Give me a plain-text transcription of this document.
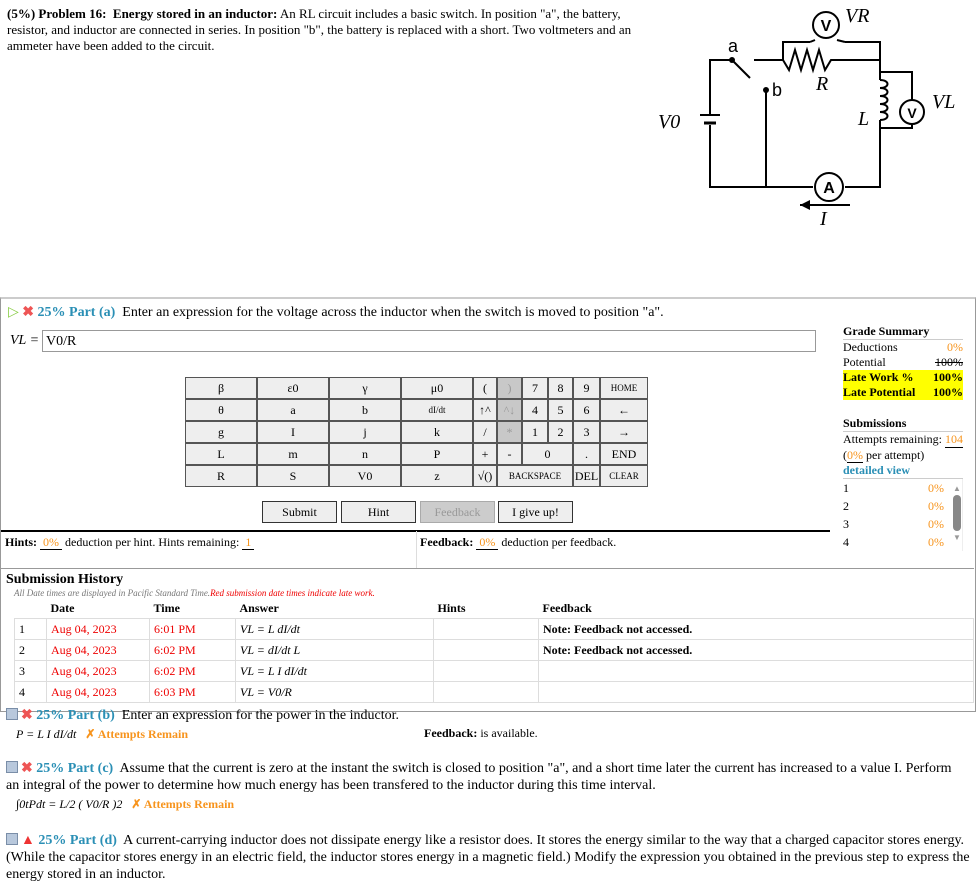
(5%) Problem 16: Energy stored in an inductor: An RL circuit includes a basic switch. In position "a", the battery, resistor, and inductor are connected in series. In position "b", the battery is replaced with a short. Two voltmeters and an ammeter have been added to the circuit.
V
V
A
VR
VL
R
L
I
V0
a
b
▷ ✖ 25% Part (a) Enter an expression for the voltage across the inductor when the switch is moved to position "a".
VL = V0/R
β	ε0	γ	μ0	(	)	7	8	9	HOME
θ	a	b	dI/dt	↑^	^↓	4	5	6	←
g	I	j	k	/	*	1	2	3	→
L	m	n	P	+	-	0	.	END
R	S	V0	z	√()	BACKSPACE	DEL	CLEAR
Submit	Hint	Feedback	I give up!
Hints: 0% deduction per hint. Hints remaining: 1	Feedback: 0% deduction per feedback.
Grade Summary
Deductions	0%
Potential	100%
Late Work % 100%
Late Potential 100%
Submissions
Attempts remaining:
104
(0% per attempt)
detailed view
1	0%
2	0%
3	0%
4	0%
▲
▼
Submission History
All Date times are displayed in Pacific Standard Time.Red submission date times indicate late work.
	Date	Time	Answer	Hints	Feedback
1	Aug 04, 2023	6:01 PM	VL = L dI/dt		Note: Feedback not accessed.
2	Aug 04, 2023	6:02 PM	VL = dI/dt L		Note: Feedback not accessed.
3	Aug 04, 2023	6:02 PM	VL = L I dI/dt		
4	Aug 04, 2023	6:03 PM	VL = V0/R		
✖ 25% Part (b) Enter an expression for the power in the inductor.
P = L I dI/dt ✗ Attempts Remain	Feedback: is available.
✖ 25% Part (c) Assume that the current is zero at the instant the switch is closed to position "a", and a short time later the current has increased to a value I. Perform an integral of the power to determine how much energy has been transfered to the inductor during this time interval.
∫0tPdt = L/2 ( V0/R )2 ✗ Attempts Remain
▲ 25% Part (d) A current-carrying inductor does not dissipate energy like a resistor does. It stores the energy similar to the way that a charged capacitor stores energy. (While the capacitor stores energy in an electric field, the inductor stores energy in a magnetic field.) Modify the expression you obtained in the previous step to express the energy stored in an inductor.
